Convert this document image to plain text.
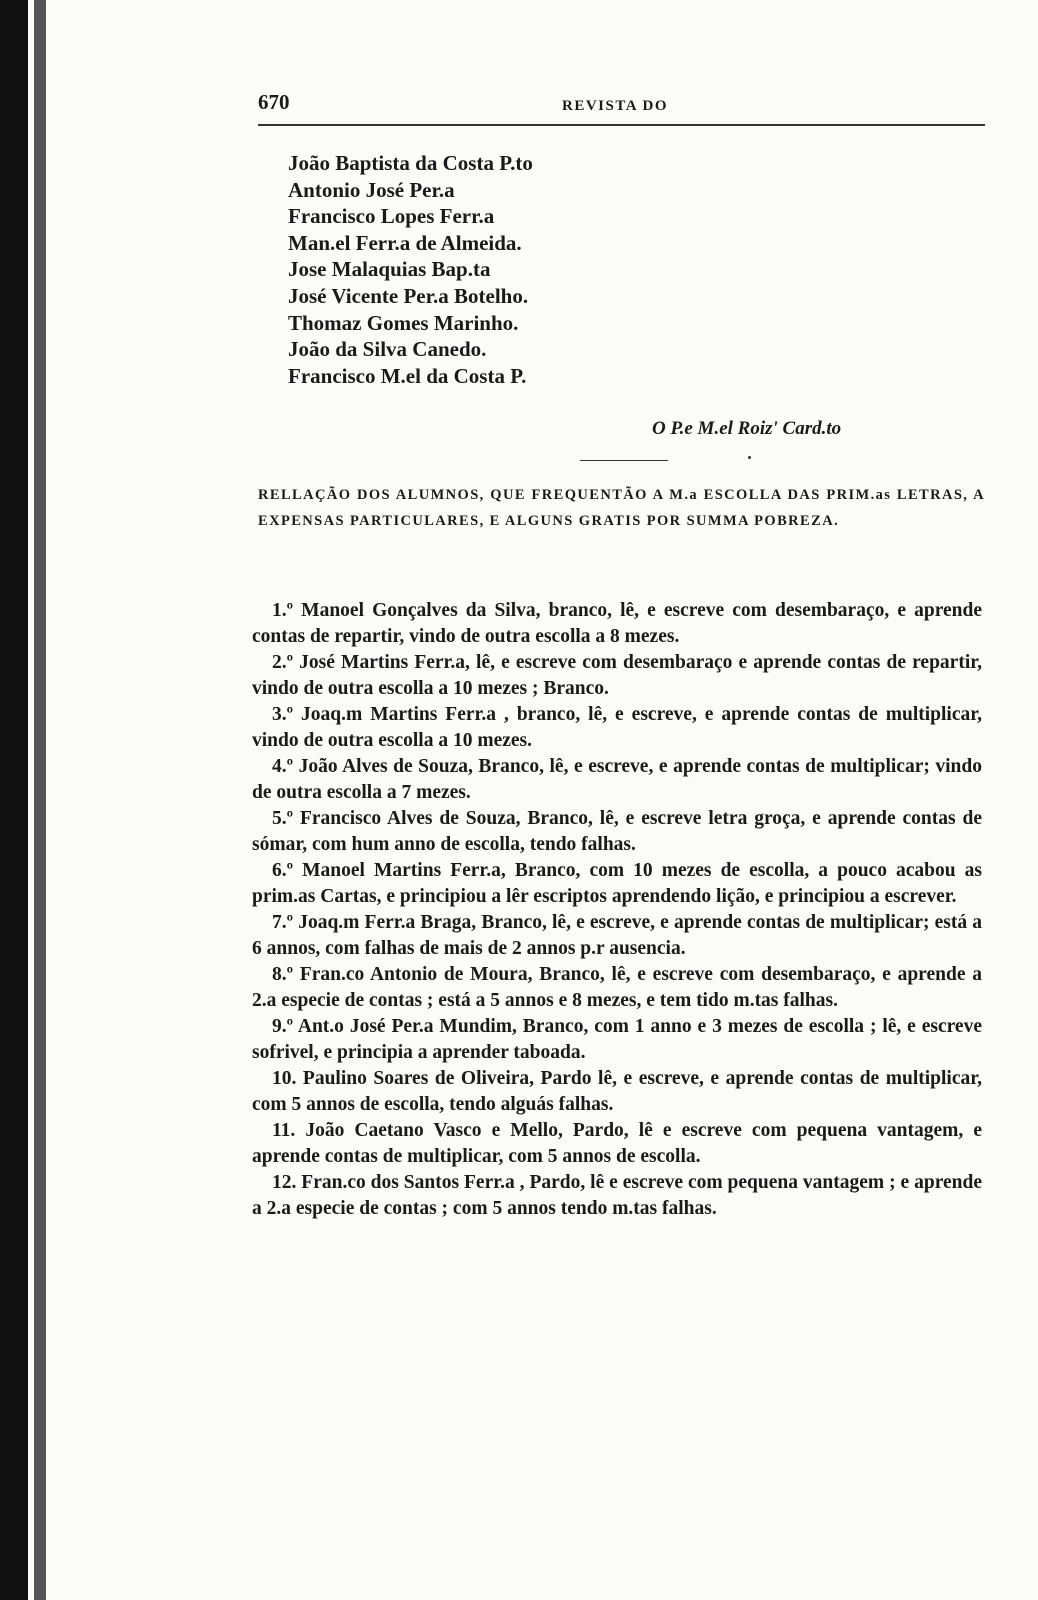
670	REVISTA DO
João Baptista da Costa P.to
Antonio José Per.a
Francisco Lopes Ferr.a
Man.el Ferr.a de Almeida.
Jose Malaquias Bap.ta
José Vicente Per.a Botelho.
Thomaz Gomes Marinho.
João da Silva Canedo.
Francisco M.el da Costa P.
O P.e M.el Roiz' Card.to

RELLAÇÃO DOS ALUMNOS, QUE FREQUENTÃO A M.a ESCOLLA DAS PRIM.as LETRAS, A EXPENSAS PARTICULARES, E ALGUNS GRATIS POR SUMMA POBREZA.

1.º Manoel Gonçalves da Silva, branco, lê, e escreve com desembaraço, e aprende contas de repartir, vindo de outra escolla a 8 mezes.

2.º José Martins Ferr.a, lê, e escreve com desembaraço e aprende contas de repartir, vindo de outra escolla a 10 mezes ; Branco.

3.º Joaq.m Martins Ferr.a , branco, lê, e escreve, e aprende contas de multiplicar, vindo de outra escolla a 10 mezes.

4.º João Alves de Souza, Branco, lê, e escreve, e aprende contas de multiplicar; vindo de outra escolla a 7 mezes.

5.º Francisco Alves de Souza, Branco, lê, e escreve letra groça, e aprende contas de sómar, com hum anno de escolla, tendo falhas.

6.º Manoel Martins Ferr.a, Branco, com 10 mezes de escolla, a pouco acabou as prim.as Cartas, e principiou a lêr escriptos aprendendo lição, e principiou a escrever.

7.º Joaq.m Ferr.a Braga, Branco, lê, e escreve, e aprende contas de multiplicar; está a 6 annos, com falhas de mais de 2 annos p.r ausencia.

8.º Fran.co Antonio de Moura, Branco, lê, e escreve com desembaraço, e aprende a 2.a especie de contas ; está a 5 annos e 8 mezes, e tem tido m.tas falhas.

9.º Ant.o José Per.a Mundim, Branco, com 1 anno e 3 mezes de escolla ; lê, e escreve sofrivel, e principia a aprender taboada.

10. Paulino Soares de Oliveira, Pardo lê, e escreve, e aprende contas de multiplicar, com 5 annos de escolla, tendo alguás falhas.

11. João Caetano Vasco e Mello, Pardo, lê e escreve com pequena vantagem, e aprende contas de multiplicar, com 5 annos de escolla.

12. Fran.co dos Santos Ferr.a , Pardo, lê e escreve com pequena vantagem ; e aprende a 2.a especie de contas ; com 5 annos tendo m.tas falhas.
